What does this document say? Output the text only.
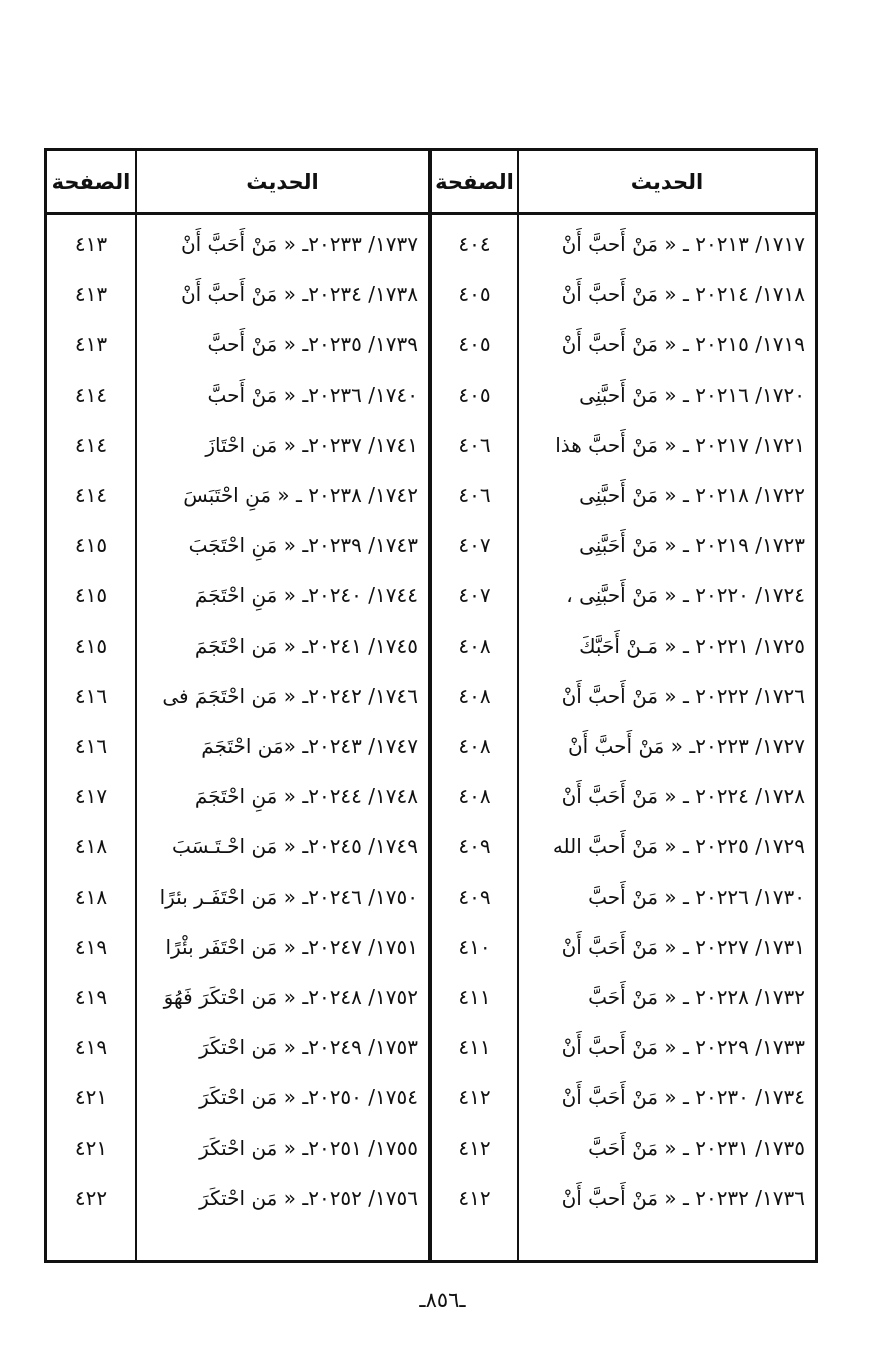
الحديث
الصفحة
الحديث
الصفحة
١٧١٧/ ٢٠٢١٣ ـ « مَنْ أَحبَّ أَنْ
٤٠٤
١٧٣٧/ ٢٠٢٣٣ـ « مَنْ أَحَبَّ أَنْ
٤١٣
١٧١٨/ ٢٠٢١٤ ـ « مَنْ أَحبَّ أَنْ
٤٠٥
١٧٣٨/ ٢٠٢٣٤ـ « مَنْ أَحبَّ أَنْ
٤١٣
١٧١٩/ ٢٠٢١٥ ـ « مَنْ أَحبَّ أَنْ
٤٠٥
١٧٣٩/ ٢٠٢٣٥ـ « مَنْ أَحبَّ
٤١٣
١٧٢٠/ ٢٠٢١٦ ـ « مَنْ أَحبَّنِى
٤٠٥
١٧٤٠/ ٢٠٢٣٦ـ « مَنْ أَحبَّ
٤١٤
١٧٢١/ ٢٠٢١٧ ـ « مَنْ أَحبَّ هذا
٤٠٦
١٧٤١/ ٢٠٢٣٧ـ « مَن احْتَازَ
٤١٤
١٧٢٢/ ٢٠٢١٨ ـ « مَنْ أَحبَّنِى
٤٠٦
١٧٤٢/ ٢٠٢٣٨ ـ « مَنِ احْتَبَسَ
٤١٤
١٧٢٣/ ٢٠٢١٩ ـ « مَنْ أَحَبَّنِى
٤٠٧
١٧٤٣/ ٢٠٢٣٩ـ « مَنِ احْتَجَبَ
٤١٥
١٧٢٤/ ٢٠٢٢٠ ـ « مَنْ أَحبَّنِى ،
٤٠٧
١٧٤٤/ ٢٠٢٤٠ـ « مَنِ احْتَجَمَ
٤١٥
١٧٢٥/ ٢٠٢٢١ ـ « مَـنْ أَحَبَّكَ
٤٠٨
١٧٤٥/ ٢٠٢٤١ـ « مَن احْتَجَمَ
٤١٥
١٧٢٦/ ٢٠٢٢٢ ـ « مَنْ أَحبَّ أَنْ
٤٠٨
١٧٤٦/ ٢٠٢٤٢ـ « مَن احْتَجَمَ فى
٤١٦
١٧٢٧/ ٢٠٢٢٣ـ « مَنْ أَحبَّ أَنْ
٤٠٨
١٧٤٧/ ٢٠٢٤٣ـ «مَن احْتَجَمَ
٤١٦
١٧٢٨/ ٢٠٢٢٤ ـ « مَنْ أَحَبَّ أَنْ
٤٠٨
١٧٤٨/ ٢٠٢٤٤ـ « مَنِ احْتَجَمَ
٤١٧
١٧٢٩/ ٢٠٢٢٥ ـ « مَنْ أَحبَّ الله
٤٠٩
١٧٤٩/ ٢٠٢٤٥ـ « مَن احْـتَـسَبَ
٤١٨
١٧٣٠/ ٢٠٢٢٦ ـ « مَنْ أَحبَّ
٤٠٩
١٧٥٠/ ٢٠٢٤٦ـ « مَن احْتَفَـر بئرًا
٤١٨
١٧٣١/ ٢٠٢٢٧ ـ « مَنْ أَحَبَّ أَنْ
٤١٠
١٧٥١/ ٢٠٢٤٧ـ « مَن احْتَفَر بئْرًا
٤١٩
١٧٣٢/ ٢٠٢٢٨ ـ « مَنْ أَحَبَّ
٤١١
١٧٥٢/ ٢٠٢٤٨ـ « مَن احْتكَرَ فَهُوَ
٤١٩
١٧٣٣/ ٢٠٢٢٩ ـ « مَنْ أَحبَّ أَنْ
٤١١
١٧٥٣/ ٢٠٢٤٩ـ « مَن احْتكَرَ
٤١٩
١٧٣٤/ ٢٠٢٣٠ ـ « مَنْ أَحَبَّ أَنْ
٤١٢
١٧٥٤/ ٢٠٢٥٠ـ « مَن احْتكَرَ
٤٢١
١٧٣٥/ ٢٠٢٣١ ـ « مَنْ أَحَبَّ
٤١٢
١٧٥٥/ ٢٠٢٥١ـ « مَن احْتكَرَ
٤٢١
١٧٣٦/ ٢٠٢٣٢ ـ « مَنْ أَحبَّ أَنْ
٤١٢
١٧٥٦/ ٢٠٢٥٢ـ « مَن احْتكَرَ
٤٢٢
ـ٨٥٦ـ
